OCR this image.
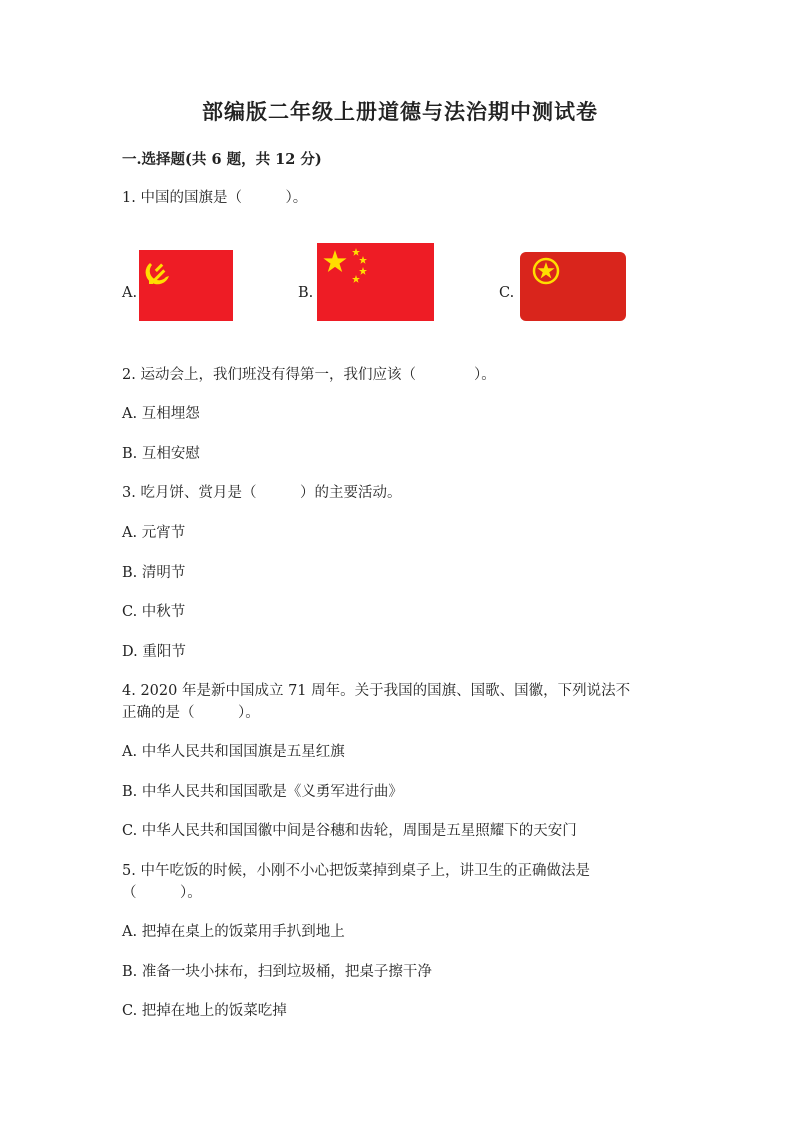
部编版二年级上册道德与法治期中测试卷
一.选择题(共 6 题，共 12 分)
1. 中国的国旗是（　　　）。
A.	B.	C.
2. 运动会上，我们班没有得第一，我们应该（　　　　）。
A. 互相埋怨
B. 互相安慰
3. 吃月饼、赏月是（　　　）的主要活动。
A. 元宵节
B. 清明节
C. 中秋节
D. 重阳节
4. 2020 年是新中国成立 71 周年。关于我国的国旗、国歌、国徽，下列说法不
正确的是（　　　）。
A. 中华人民共和国国旗是五星红旗
B. 中华人民共和国国歌是《义勇军进行曲》
C. 中华人民共和国国徽中间是谷穗和齿轮，周围是五星照耀下的天安门
5. 中午吃饭的时候，小刚不小心把饭菜掉到桌子上，讲卫生的正确做法是
（　　　）。
A. 把掉在桌上的饭菜用手扒到地上
B. 准备一块小抹布，扫到垃圾桶，把桌子擦干净
C. 把掉在地上的饭菜吃掉
